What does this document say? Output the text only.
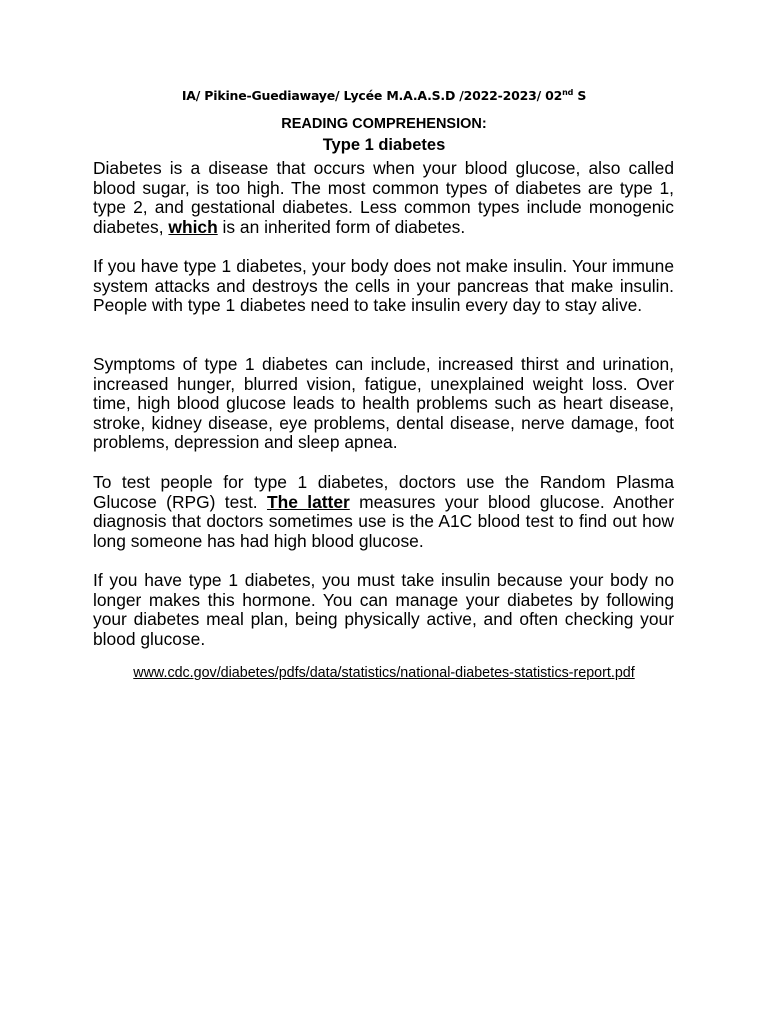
IA/ Pikine-Guediawaye/ Lycée M.A.A.S.D /2022-2023/ 02nd S
READING COMPREHENSION:
Type 1 diabetes

Diabetes is a disease that occurs when your blood glucose, also called blood sugar, is too high. The most common types of diabetes are type 1, type 2, and gestational diabetes. Less common types include monogenic diabetes, which is an inherited form of diabetes.

If you have type 1 diabetes, your body does not make insulin. Your immune system attacks and destroys the cells in your pancreas that make insulin. People with type 1 diabetes need to take insulin every day to stay alive.

Symptoms of type 1 diabetes can include, increased thirst and urination, increased hunger, blurred vision, fatigue, unexplained weight loss. Over time, high blood glucose leads to health problems such as heart disease, stroke, kidney disease, eye problems, dental disease, nerve damage, foot problems, depression and sleep apnea.

To test people for type 1 diabetes, doctors use the Random Plasma Glucose (RPG) test. The latter measures your blood glucose. Another diagnosis that doctors sometimes use is the A1C blood test to find out how long someone has had high blood glucose.

If you have type 1 diabetes, you must take insulin because your body no longer makes this hormone. You can manage your diabetes by following your diabetes meal plan, being physically active, and often checking your blood glucose.

www.cdc.gov/diabetes/pdfs/data/statistics/national-diabetes-statistics-report.pdf
